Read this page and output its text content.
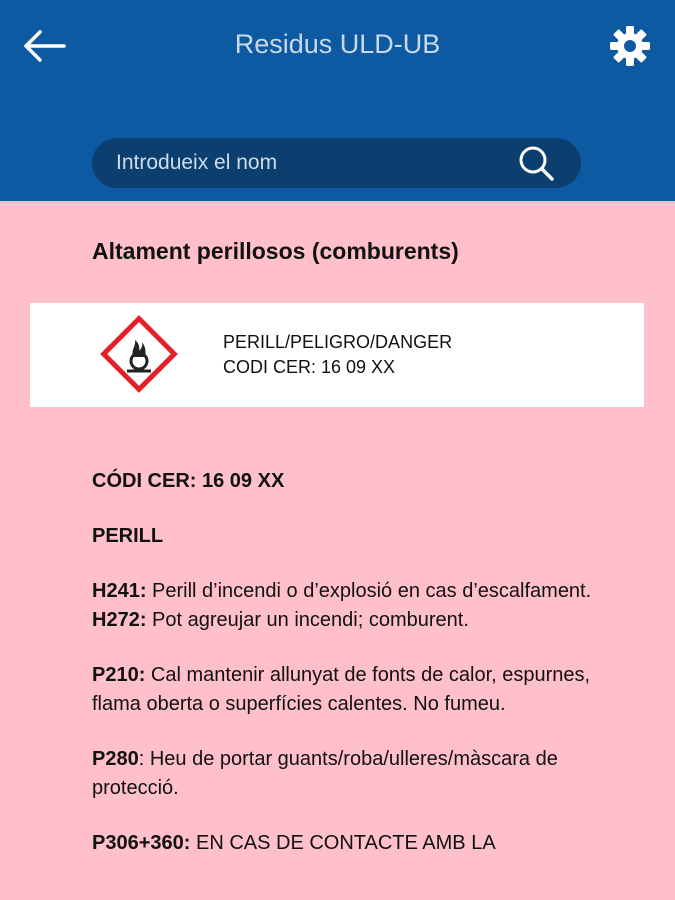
Residus ULD-UB
Introdueix el nom
Altament perillosos (comburents)
PERILL/PELIGRO/DANGER
CODI CER: 16 09 XX

CÓDI CER: 16 09 XX

PERILL

H241: Perill d’incendi o d’explosió en cas d’escalfament. H272: Pot agreujar un incendi; comburent.

P210: Cal mantenir allunyat de fonts de calor, espurnes, flama oberta o superfícies calentes. No fumeu.

P280: Heu de portar guants/roba/ulleres/màscara de protecció.

P306+360: EN CAS DE CONTACTE AMB LA
